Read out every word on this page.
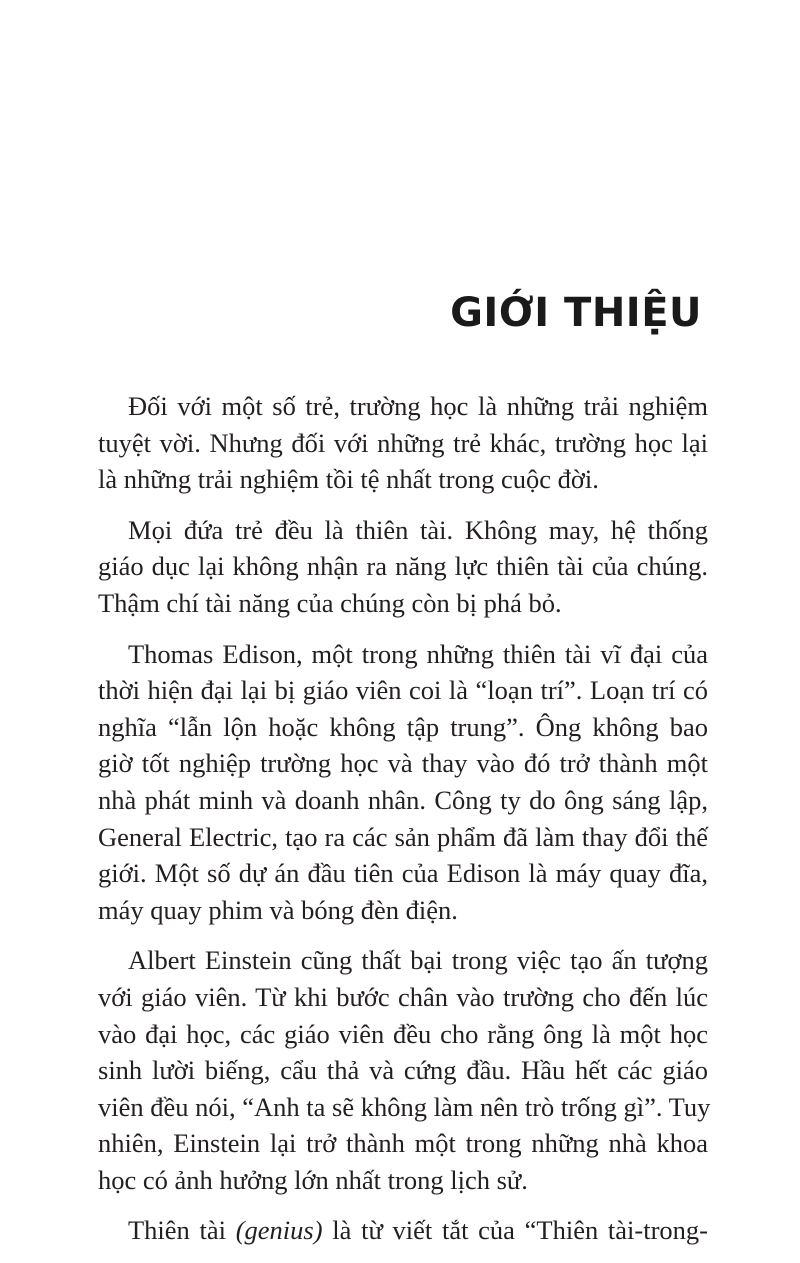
GIỚI THIỆU

Đối với một số trẻ, trường học là những trải nghiệm
tuyệt vời. Nhưng đối với những trẻ khác, trường học lại
là những trải nghiệm tồi tệ nhất trong cuộc đời.

Mọi đứa trẻ đều là thiên tài. Không may, hệ thống
giáo dục lại không nhận ra năng lực thiên tài của chúng.
Thậm chí tài năng của chúng còn bị phá bỏ.

Thomas Edison, một trong những thiên tài vĩ đại của
thời hiện đại lại bị giáo viên coi là “loạn trí”. Loạn trí có
nghĩa “lẫn lộn hoặc không tập trung”. Ông không bao
giờ tốt nghiệp trường học và thay vào đó trở thành một
nhà phát minh và doanh nhân. Công ty do ông sáng lập,
General Electric, tạo ra các sản phẩm đã làm thay đổi thế
giới. Một số dự án đầu tiên của Edison là máy quay đĩa,
máy quay phim và bóng đèn điện.

Albert Einstein cũng thất bại trong việc tạo ấn tượng
với giáo viên. Từ khi bước chân vào trường cho đến lúc
vào đại học, các giáo viên đều cho rằng ông là một học
sinh lười biếng, cẩu thả và cứng đầu. Hầu hết các giáo
viên đều nói, “Anh ta sẽ không làm nên trò trống gì”. Tuy
nhiên, Einstein lại trở thành một trong những nhà khoa
học có ảnh hưởng lớn nhất trong lịch sử.

Thiên tài (genius) là từ viết tắt của “Thiên tài-trong-
